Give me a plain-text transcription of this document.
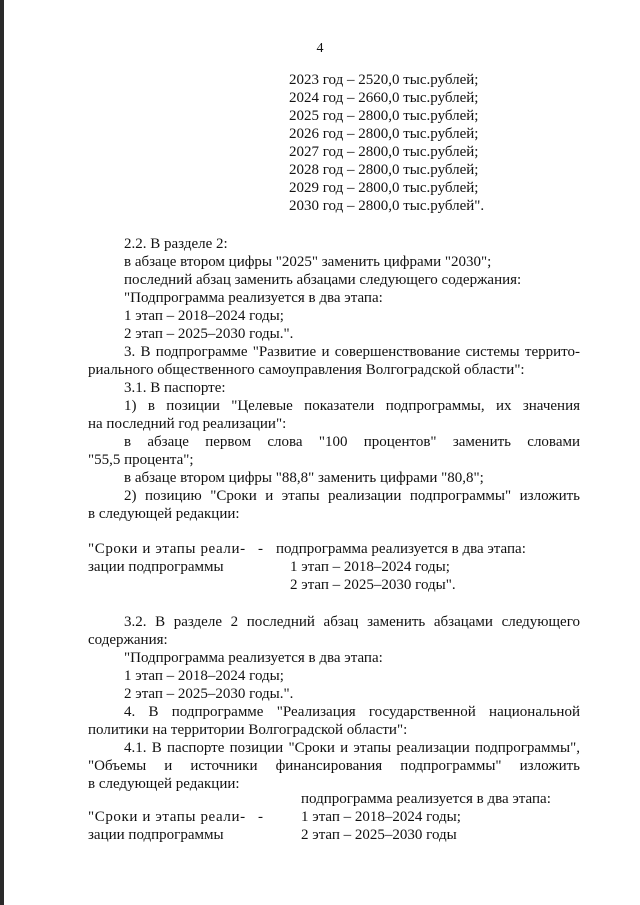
4
2023 год – 2520,0 тыс.рублей;
2024 год – 2660,0 тыс.рублей;
2025 год – 2800,0 тыс.рублей;
2026 год – 2800,0 тыс.рублей;
2027 год – 2800,0 тыс.рублей;
2028 год – 2800,0 тыс.рублей;
2029 год – 2800,0 тыс.рублей;
2030 год – 2800,0 тыс.рублей".
2.2. В разделе 2:
в абзаце втором цифры "2025" заменить цифрами "2030";
последний абзац заменить абзацами следующего содержания:
"Подпрограмма реализуется в два этапа:
1 этап – 2018–2024 годы;
2 этап – 2025–2030 годы.".
3. В подпрограмме "Развитие и совершенствование системы террито-
риального общественного самоуправления Волгоградской области":
3.1. В паспорте:
1) в позиции "Целевые показатели подпрограммы, их значения
на последний год реализации":
в абзаце первом слова "100 процентов" заменить словами
"55,5 процента";
в абзаце втором цифры "88,8" заменить цифрами "80,8";
2) позицию "Сроки и этапы реализации подпрограммы" изложить
в следующей редакции:
"Сроки и этапы реали- -
зации подпрограммы
подпрограмма реализуется в два этапа:
1 этап – 2018–2024 годы;
2 этап – 2025–2030 годы".
3.2. В разделе 2 последний абзац заменить абзацами следующего
содержания:
"Подпрограмма реализуется в два этапа:
1 этап – 2018–2024 годы;
2 этап – 2025–2030 годы.".
4. В подпрограмме "Реализация государственной национальной
политики на территории Волгоградской области":
4.1. В паспорте позиции "Сроки и этапы реализации подпрограммы",
"Объемы и источники финансирования подпрограммы" изложить
в следующей редакции:
"Сроки и этапы реали- -
зации подпрограммы
подпрограмма реализуется в два этапа:
1 этап – 2018–2024 годы;
2 этап – 2025–2030 годы
